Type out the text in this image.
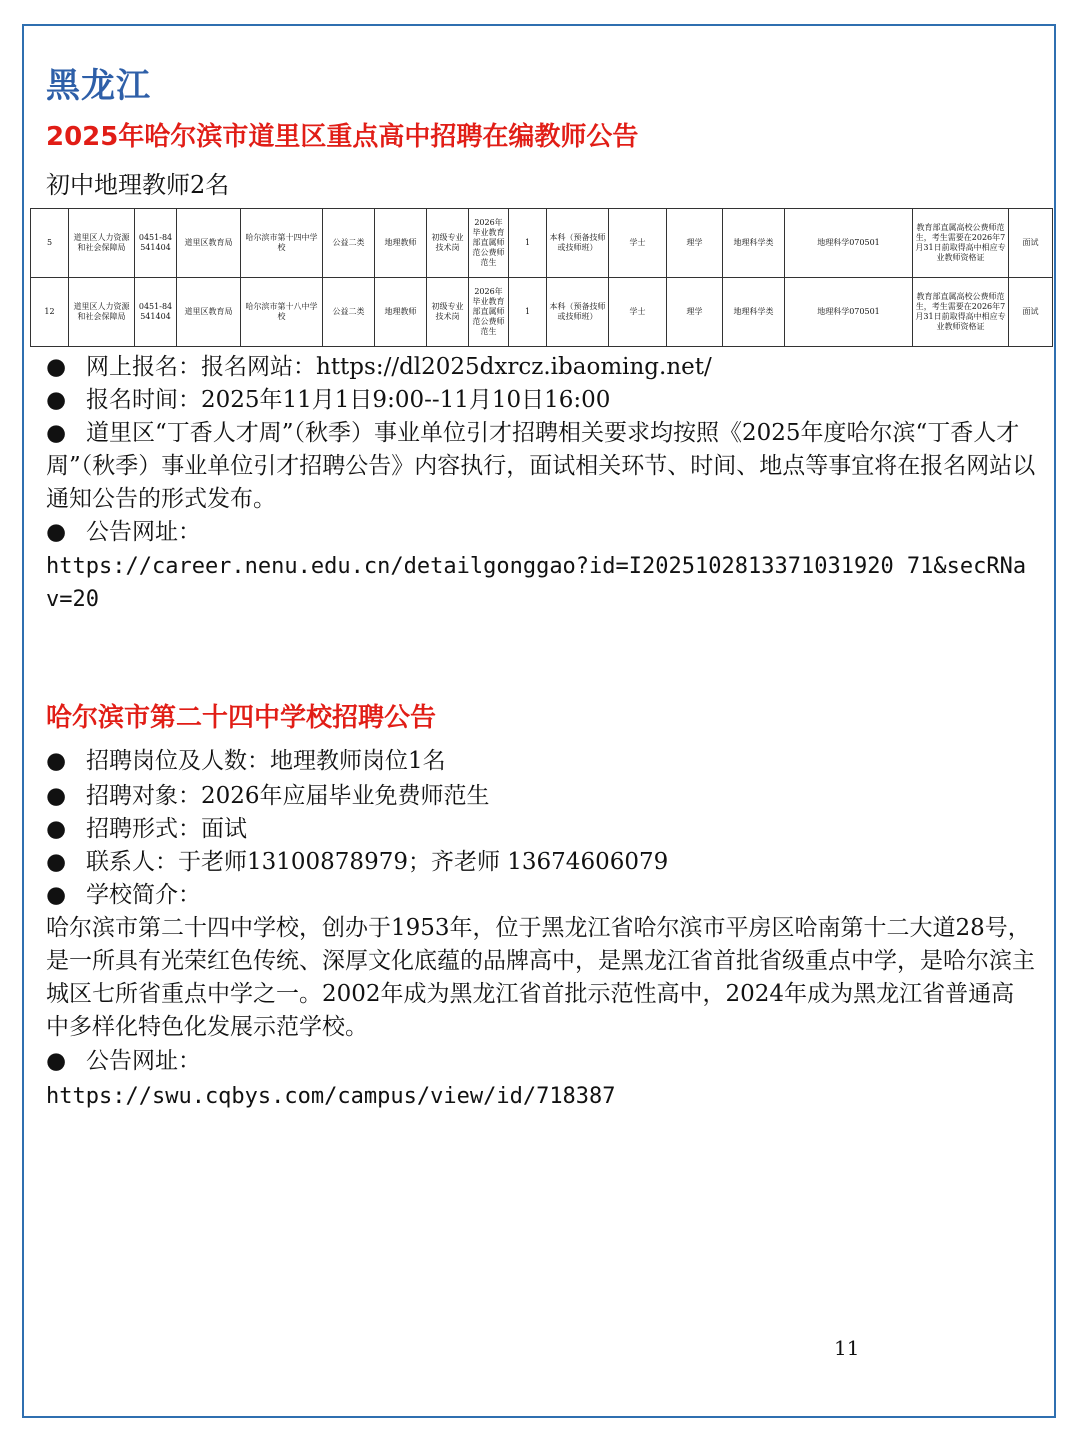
黑龙江
2025年哈尔滨市道里区重点高中招聘在编教师公告
初中地理教师2名
5	道里区人力资源和社会保障局	0451-84541404	道里区教育局	哈尔滨市第十四中学校	公益二类	地理教师	初级专业技术岗	2026年毕业教育部直属师范公费师范生	1	本科（预备技师或技师班）	学士	理学	地理科学类	地理科学070501	教育部直属高校公费师范生，考生需要在2026年7月31日前取得高中相应专业教师资格证	面试
12	道里区人力资源和社会保障局	0451-84541404	道里区教育局	哈尔滨市第十八中学校	公益二类	地理教师	初级专业技术岗	2026年毕业教育部直属师范公费师范生	1	本科（预备技师或技师班）	学士	理学	地理科学类	地理科学070501	教育部直属高校公费师范生，考生需要在2026年7月31日前取得高中相应专业教师资格证	面试
● 网上报名：报名网站：https://dl2025dxrcz.ibaoming.net/
● 报名时间：2025年11月1日9:00--11月10日16:00
● 道里区“丁香人才周”（秋季）事业单位引才招聘相关要求均按照《2025年度哈尔滨“丁香人才周”（秋季）事业单位引才招聘公告》内容执行，面试相关环节、时间、地点等事宜将在报名网站以通知公告的形式发布。
● 公告网址：
https://career.nenu.edu.cn/detailgonggao?id=I2025102813371031920 71&secRNav=20
哈尔滨市第二十四中学校招聘公告
● 招聘岗位及人数：地理教师岗位1名
● 招聘对象：2026年应届毕业免费师范生
● 招聘形式：面试
● 联系人：于老师13100878979；齐老师 13674606079
● 学校简介：
哈尔滨市第二十四中学校，创办于1953年，位于黑龙江省哈尔滨市平房区哈南第十二大道28号，是一所具有光荣红色传统、深厚文化底蕴的品牌高中，是黑龙江省首批省级重点中学，是哈尔滨主城区七所省重点中学之一。2002年成为黑龙江省首批示范性高中，2024年成为黑龙江省普通高中多样化特色化发展示范学校。
● 公告网址：
https://swu.cqbys.com/campus/view/id/718387
11
